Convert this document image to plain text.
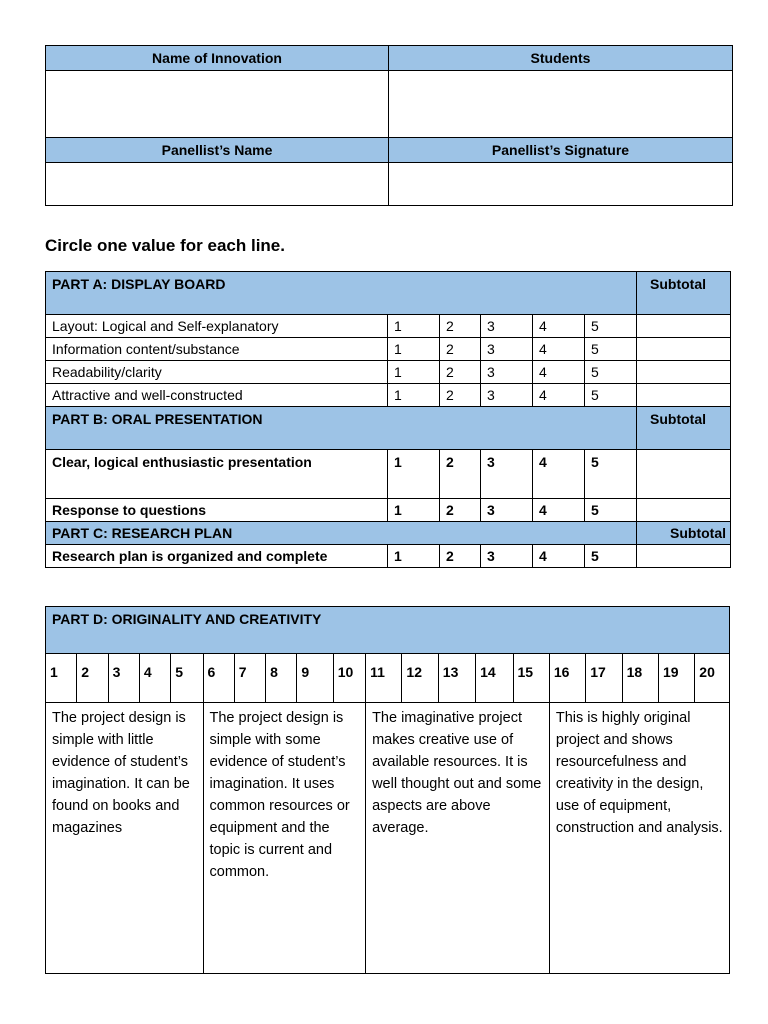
Name of Innovation	Students

Panellist’s Name	Panellist’s Signature

Circle one value for each line.
PART A: DISPLAY BOARD						Subtotal
Layout: Logical and Self-explanatory	1	2	3	4	5	
Information content/substance	1	2	3	4	5	
Readability/clarity	1	2	3	4	5	
Attractive and well-constructed	1	2	3	4	5	
PART B: ORAL PRESENTATION						Subtotal
Clear, logical enthusiastic presentation	1	2	3	4	5	
Response to questions	1	2	3	4	5	
PART C: RESEARCH PLAN						Subtotal
Research plan is organized and complete	1	2	3	4	5	
PART D: ORIGINALITY AND CREATIVITY																			
1	2	3	4	5	6	7	8	9	10	11	12	13	14	15	16	17	18	19	20
The project design is simple with little evidence of student’s imagination. It can be found on books and magazines					The project design is simple with some evidence of student’s imagination. It uses common resources or equipment and the topic is current and common.					The imaginative project makes creative use of available resources. It is well thought out and some aspects are above average.					This is highly original project and shows resourcefulness and creativity in the design, use of equipment, construction and analysis.				
